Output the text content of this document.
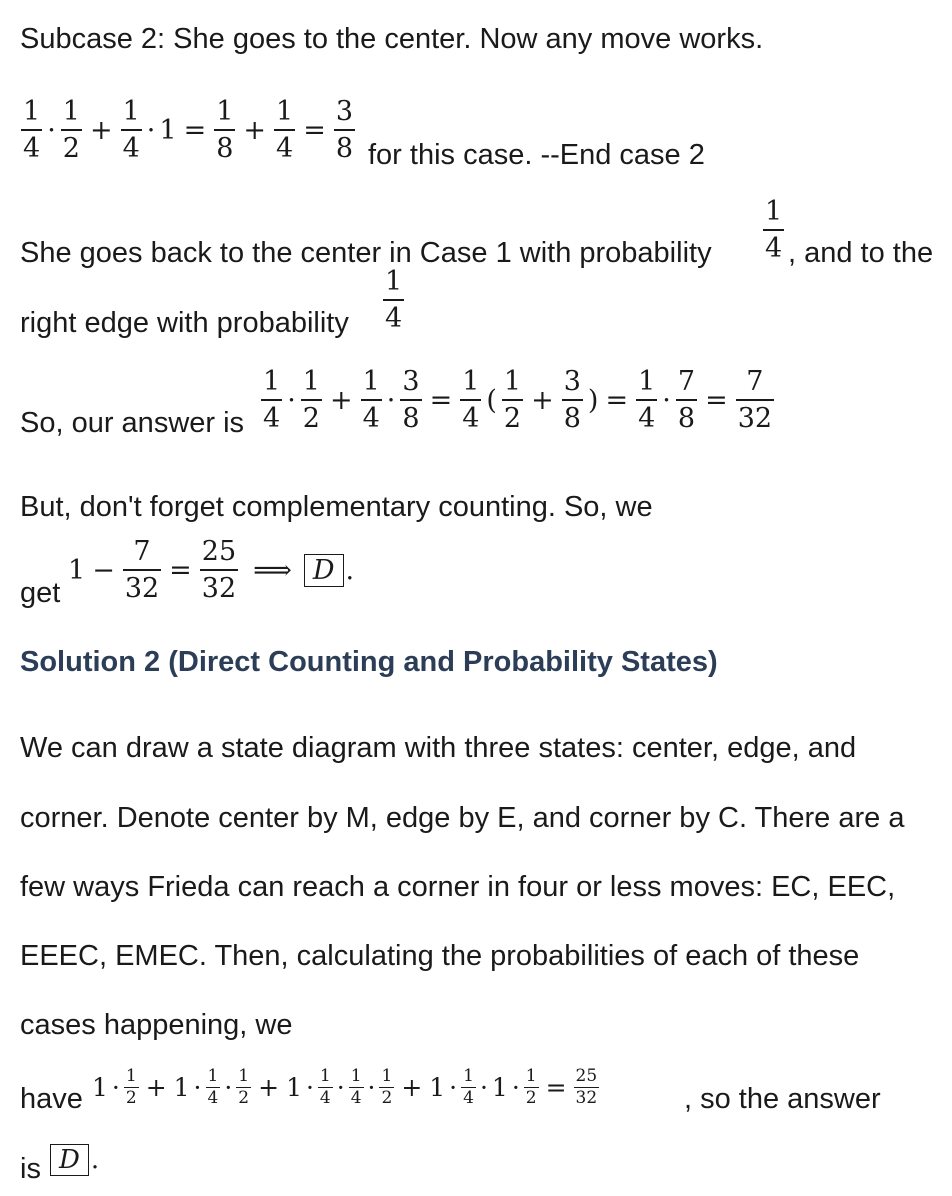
Subcase 2: She goes to the center. Now any move works.
$\frac{1}{4} \cdot \frac{1}{2} + \frac{1}{4} \cdot 1 = \frac{1}{8} + \frac{1}{4} = \frac{3}{8}$ for this case. --End case 2
She goes back to the center in Case 1 with probability $\frac{1}{4}$ , and to the
right edge with probability $\frac{1}{4}$
So, our answer is $\frac{1}{4} \cdot \frac{1}{2} + \frac{1}{4} \cdot \frac{3}{8} = \frac{1}{4}$ ( $\frac{1}{2} + \frac{3}{8}$ ) = $\frac{1}{4} \cdot \frac{7}{8} = \frac{7}{32}$
But, don't forget complementary counting. So, we
get
$1 - \frac{7}{32} = \frac{25}{32}$ ⟹ D .
Solution 2 (Direct Counting and Probability States)
We can draw a state diagram with three states: center, edge, and
corner. Denote center by M, edge by E, and corner by C. There are a
few ways Frieda can reach a corner in four or less moves: EC, EEC,
EEEC, EMEC. Then, calculating the probabilities of each of these
cases happening, we
have $1 \cdot \frac{1}{2} + 1 \cdot \frac{1}{4} \cdot \frac{1}{2} + 1 \cdot \frac{1}{4} \cdot \frac{1}{4} \cdot \frac{1}{2} + 1 \cdot \frac{1}{4} \cdot 1 \cdot \frac{1}{2} = \frac{25}{32}$	, so the answer
is D .
